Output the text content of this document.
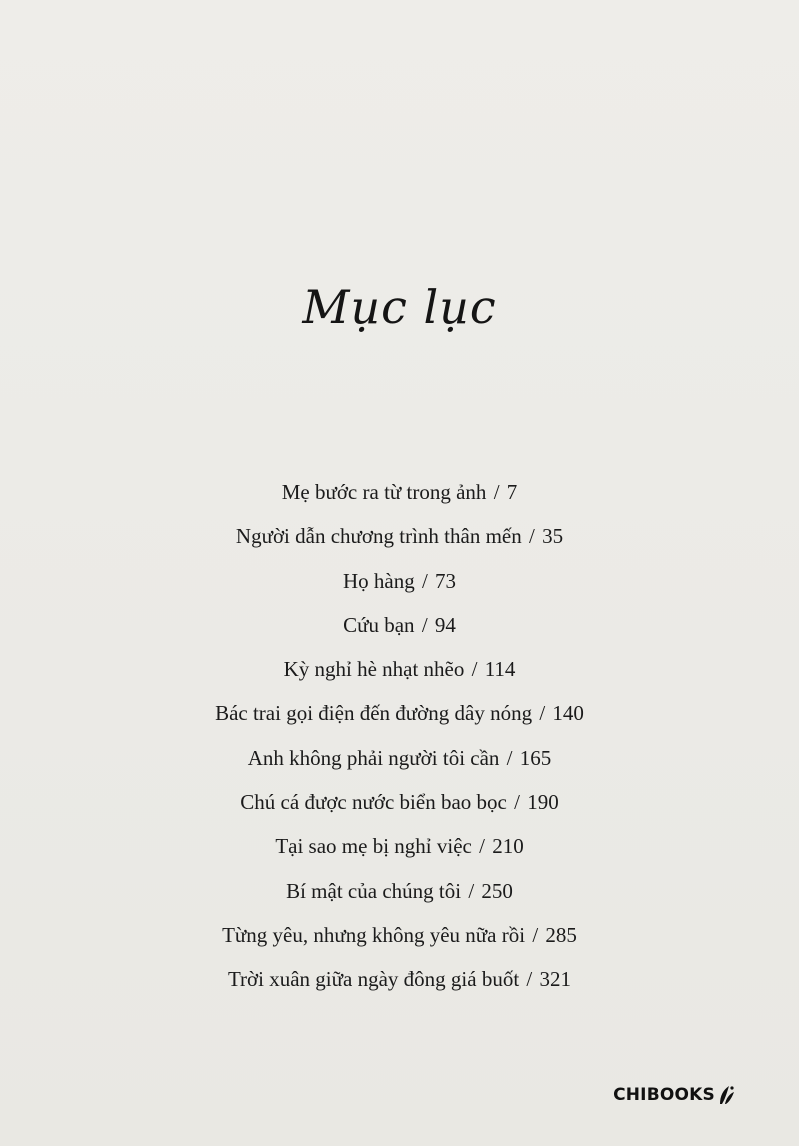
Mục lục
Mẹ bước ra từ trong ảnh / 7
Người dẫn chương trình thân mến / 35
Họ hàng / 73
Cứu bạn / 94
Kỳ nghỉ hè nhạt nhẽo / 114
Bác trai gọi điện đến đường dây nóng / 140
Anh không phải người tôi cần / 165
Chú cá được nước biển bao bọc / 190
Tại sao mẹ bị nghỉ việc / 210
Bí mật của chúng tôi / 250
Từng yêu, nhưng không yêu nữa rồi / 285
Trời xuân giữa ngày đông giá buốt / 321
CHIBOOKS
